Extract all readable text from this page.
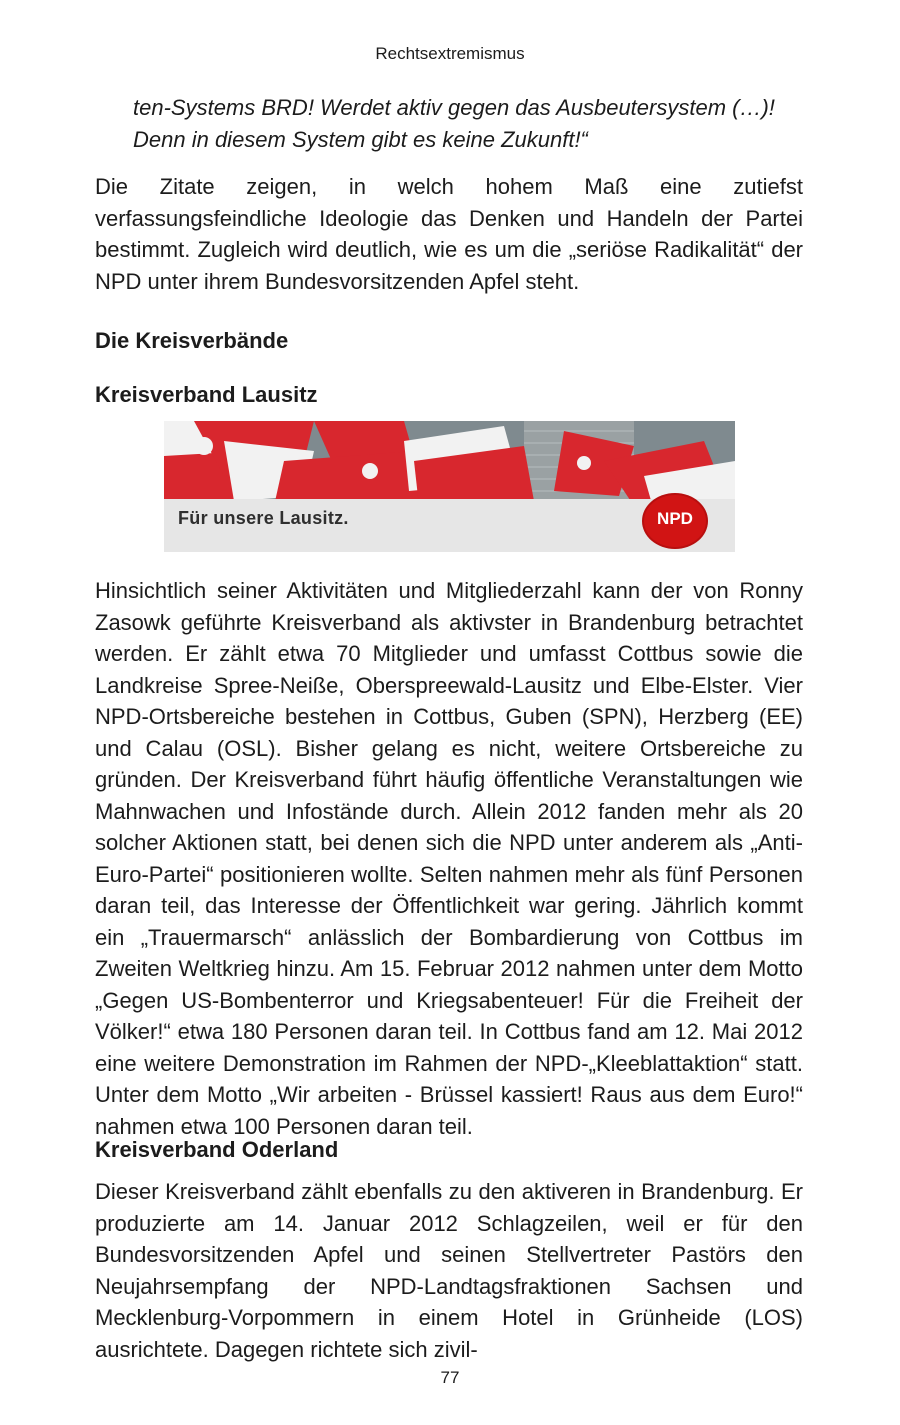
Rechtsextremismus

ten-Systems BRD! Werdet aktiv gegen das Ausbeutersystem (…)!

Denn in diesem System gibt es keine Zukunft!“

Die Zitate zeigen, in welch hohem Maß eine zutiefst verfassungsfeindliche Ideologie das Denken und Handeln der Partei bestimmt. Zugleich wird deutlich, wie es um die „seriöse Radikalität“ der NPD unter ihrem Bundesvorsitzenden Apfel steht.

Die Kreisverbände
Kreisverband Lausitz
Für unsere Lausitz.	NPD

Hinsichtlich seiner Aktivitäten und Mitgliederzahl kann der von Ronny Zasowk geführte Kreisverband als aktivster in Brandenburg betrachtet werden. Er zählt etwa 70 Mitglieder und umfasst Cottbus sowie die Landkreise Spree-Neiße, Oberspreewald-Lausitz und Elbe-Elster. Vier NPD-Ortsbereiche bestehen in Cottbus, Guben (SPN), Herzberg (EE) und Calau (OSL). Bisher gelang es nicht, weitere Ortsbereiche zu gründen. Der Kreisverband führt häufig öffentliche Veranstaltungen wie Mahnwachen und Infostände durch. Allein 2012 fanden mehr als 20 solcher Aktionen statt, bei denen sich die NPD unter anderem als „Anti-Euro-Partei“ positionieren wollte. Selten nahmen mehr als fünf Personen daran teil, das Interesse der Öffentlichkeit war gering. Jährlich kommt ein „Trauermarsch“ anlässlich der Bombardierung von Cottbus im Zweiten Weltkrieg hinzu. Am 15. Februar 2012 nahmen unter dem Motto „Gegen US-Bombenterror und Kriegsabenteuer! Für die Freiheit der Völker!“ etwa 180 Personen daran teil. In Cottbus fand am 12. Mai 2012 eine weitere Demonstration im Rahmen der NPD-„Kleeblattaktion“ statt. Unter dem Motto „Wir arbeiten - Brüssel kassiert! Raus aus dem Euro!“ nahmen etwa 100 Personen daran teil.

Kreisverband Oderland

Dieser Kreisverband zählt ebenfalls zu den aktiveren in Brandenburg. Er produzierte am 14. Januar 2012 Schlagzeilen, weil er für den Bundesvorsitzenden Apfel und seinen Stellvertreter Pastörs den Neujahrsempfang der NPD-Landtagsfraktionen Sachsen und Mecklenburg-Vorpommern in einem Hotel in Grünheide (LOS) ausrichtete. Dagegen richtete sich zivil-

77
